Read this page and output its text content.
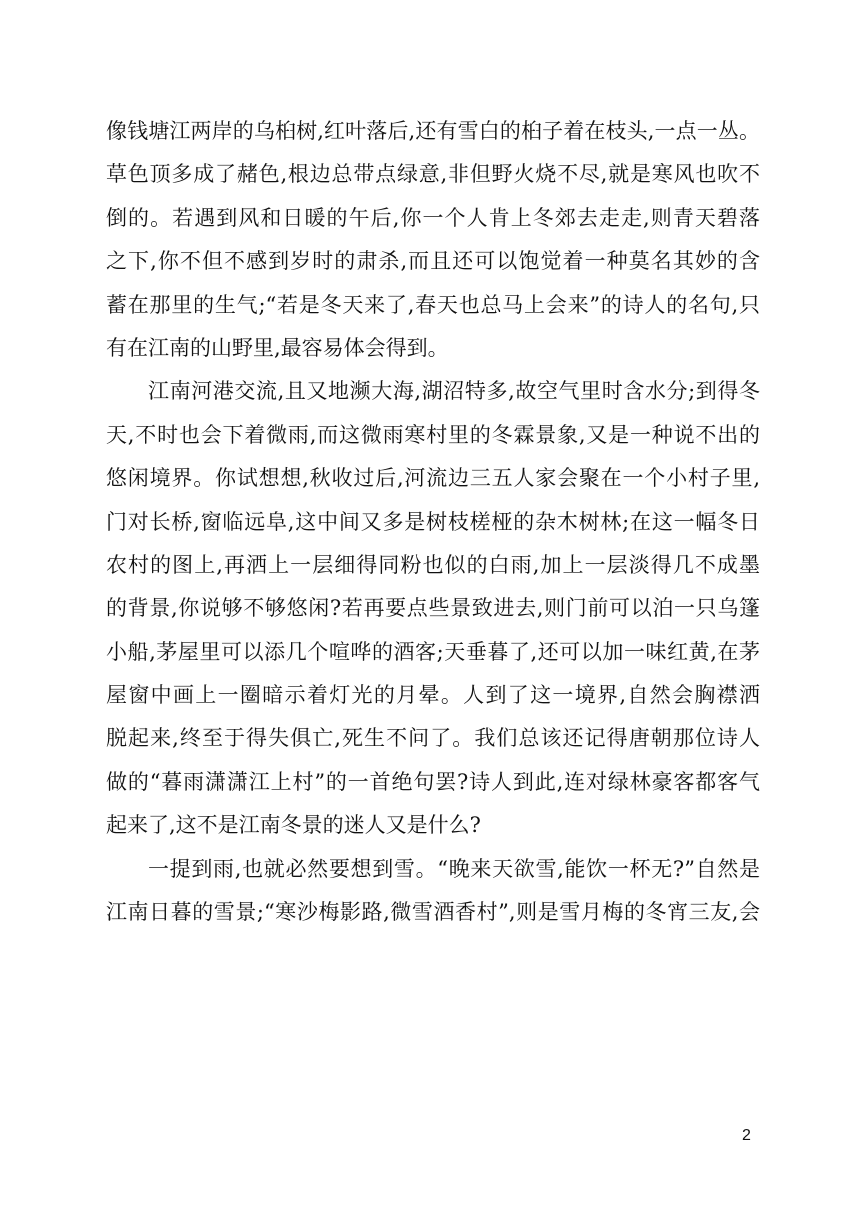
像钱塘江两岸的乌桕树,红叶落后,还有雪白的桕子着在枝头,一点一丛。
草色顶多成了赭色,根边总带点绿意,非但野火烧不尽,就是寒风也吹不
倒的。若遇到风和日暖的午后,你一个人肯上冬郊去走走,则青天碧落
之下,你不但不感到岁时的肃杀,而且还可以饱觉着一种莫名其妙的含
蓄在那里的生气;“若是冬天来了,春天也总马上会来”的诗人的名句,只
有在江南的山野里,最容易体会得到。
江南河港交流,且又地濒大海,湖沼特多,故空气里时含水分;到得冬
天,不时也会下着微雨,而这微雨寒村里的冬霖景象,又是一种说不出的
悠闲境界。你试想想,秋收过后,河流边三五人家会聚在一个小村子里,
门对长桥,窗临远阜,这中间又多是树枝槎桠的杂木树林;在这一幅冬日
农村的图上,再洒上一层细得同粉也似的白雨,加上一层淡得几不成墨
的背景,你说够不够悠闲?若再要点些景致进去,则门前可以泊一只乌篷
小船,茅屋里可以添几个喧哗的酒客;天垂暮了,还可以加一味红黄,在茅
屋窗中画上一圈暗示着灯光的月晕。人到了这一境界,自然会胸襟洒
脱起来,终至于得失俱亡,死生不问了。我们总该还记得唐朝那位诗人
做的“暮雨潇潇江上村”的一首绝句罢?诗人到此,连对绿林豪客都客气
起来了,这不是江南冬景的迷人又是什么?
一提到雨,也就必然要想到雪。“晚来天欲雪,能饮一杯无?”自然是
江南日暮的雪景;“寒沙梅影路,微雪酒香村”,则是雪月梅的冬宵三友,会
2
